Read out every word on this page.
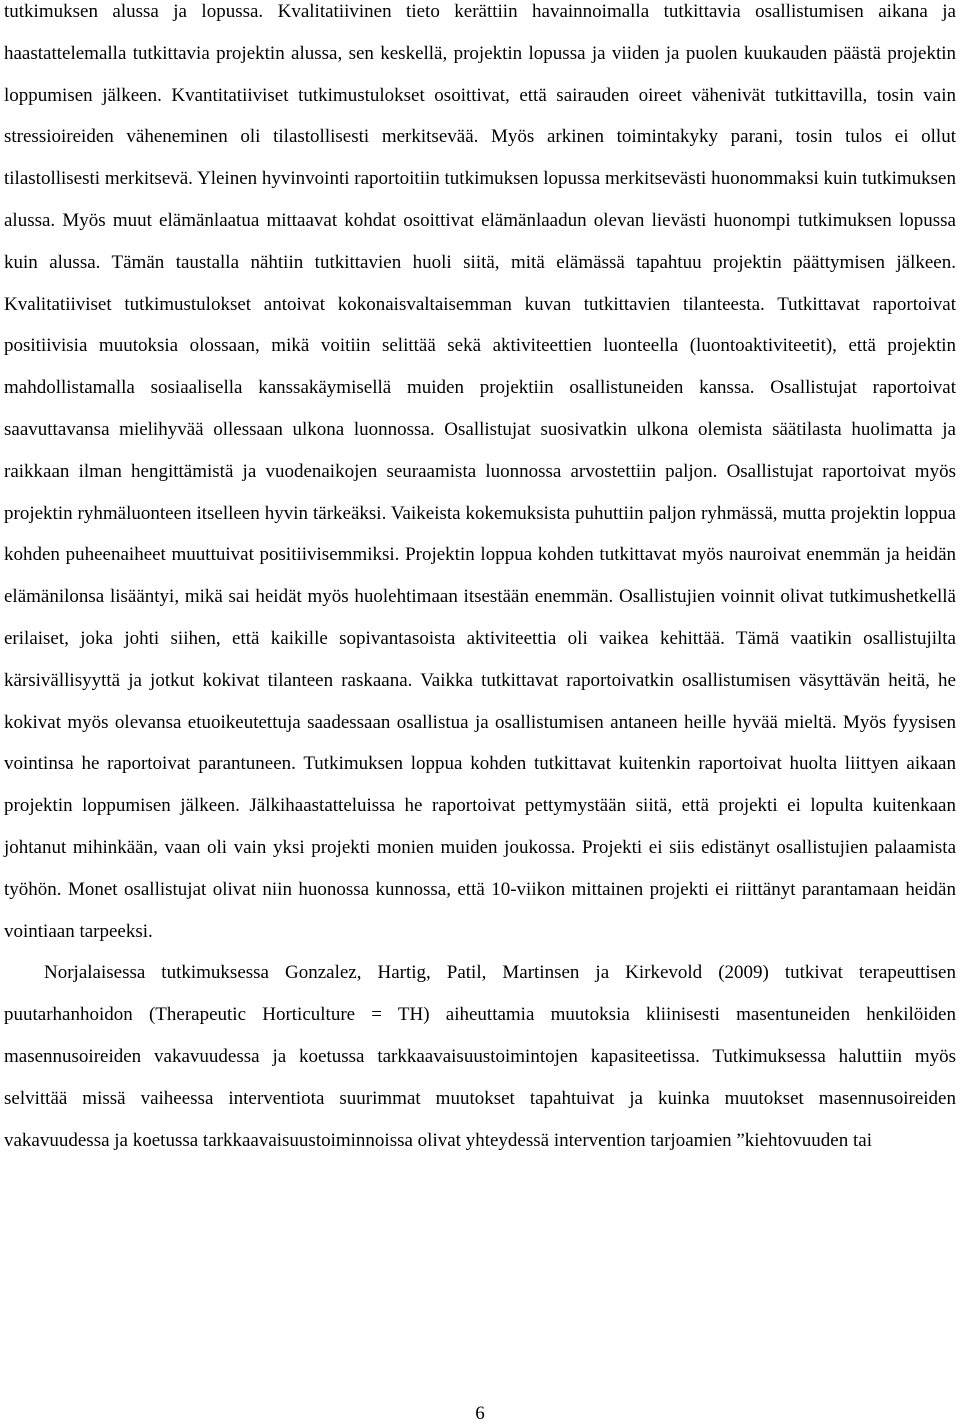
tutkimuksen alussa ja lopussa. Kvalitatiivinen tieto kerättiin havainnoimalla tutkittavia osallistumisen aikana ja haastattelemalla tutkittavia projektin alussa, sen keskellä, projektin lopussa ja viiden ja puolen kuukauden päästä projektin loppumisen jälkeen. Kvantitatiiviset tutkimustulokset osoittivat, että sairauden oireet vähenivät tutkittavilla, tosin vain stressioireiden väheneminen oli tilastollisesti merkitsevää. Myös arkinen toimintakyky parani, tosin tulos ei ollut tilastollisesti merkitsevä. Yleinen hyvinvointi raportoitiin tutkimuksen lopussa merkitsevästi huonommaksi kuin tutkimuksen alussa. Myös muut elämänlaatua mittaavat kohdat osoittivat elämänlaadun olevan lievästi huonompi tutkimuksen lopussa kuin alussa. Tämän taustalla nähtiin tutkittavien huoli siitä, mitä elämässä tapahtuu projektin päättymisen jälkeen. Kvalitatiiviset tutkimustulokset antoivat kokonaisvaltaisemman kuvan tutkittavien tilanteesta. Tutkittavat raportoivat positiivisia muutoksia olossaan, mikä voitiin selittää sekä aktiviteettien luonteella (luontoaktiviteetit), että projektin mahdollistamalla sosiaalisella kanssakäymisellä muiden projektiin osallistuneiden kanssa. Osallistujat raportoivat saavuttavansa mielihyvää ollessaan ulkona luonnossa. Osallistujat suosivatkin ulkona olemista säätilasta huolimatta ja raikkaan ilman hengittämistä ja vuodenaikojen seuraamista luonnossa arvostettiin paljon. Osallistujat raportoivat myös projektin ryhmäluonteen itselleen hyvin tärkeäksi. Vaikeista kokemuksista puhuttiin paljon ryhmässä, mutta projektin loppua kohden puheenaiheet muuttuivat positiivisemmiksi. Projektin loppua kohden tutkittavat myös nauroivat enemmän ja heidän elämänilonsa lisääntyi, mikä sai heidät myös huolehtimaan itsestään enemmän. Osallistujien voinnit olivat tutkimushetkellä erilaiset, joka johti siihen, että kaikille sopivantasoista aktiviteettia oli vaikea kehittää. Tämä vaatikin osallistujilta kärsivällisyyttä ja jotkut kokivat tilanteen raskaana. Vaikka tutkittavat raportoivatkin osallistumisen väsyttävän heitä, he kokivat myös olevansa etuoikeutettuja saadessaan osallistua ja osallistumisen antaneen heille hyvää mieltä. Myös fyysisen vointinsa he raportoivat parantuneen. Tutkimuksen loppua kohden tutkittavat kuitenkin raportoivat huolta liittyen aikaan projektin loppumisen jälkeen. Jälkihaastatteluissa he raportoivat pettymystään siitä, että projekti ei lopulta kuitenkaan johtanut mihinkään, vaan oli vain yksi projekti monien muiden joukossa. Projekti ei siis edistänyt osallistujien palaamista työhön. Monet osallistujat olivat niin huonossa kunnossa, että 10-viikon mittainen projekti ei riittänyt parantamaan heidän vointiaan tarpeeksi.

Norjalaisessa tutkimuksessa Gonzalez, Hartig, Patil, Martinsen ja Kirkevold (2009) tutkivat terapeuttisen puutarhanhoidon (Therapeutic Horticulture = TH) aiheuttamia muutoksia kliinisesti masentuneiden henkilöiden masennusoireiden vakavuudessa ja koetussa tarkkaavaisuustoimintojen kapasiteetissa. Tutkimuksessa haluttiin myös selvittää missä vaiheessa interventiota suurimmat muutokset tapahtuivat ja kuinka muutokset masennusoireiden vakavuudessa ja koetussa tarkkaavaisuustoiminnoissa olivat yhteydessä intervention tarjoamien ”kiehtovuuden tai

6
